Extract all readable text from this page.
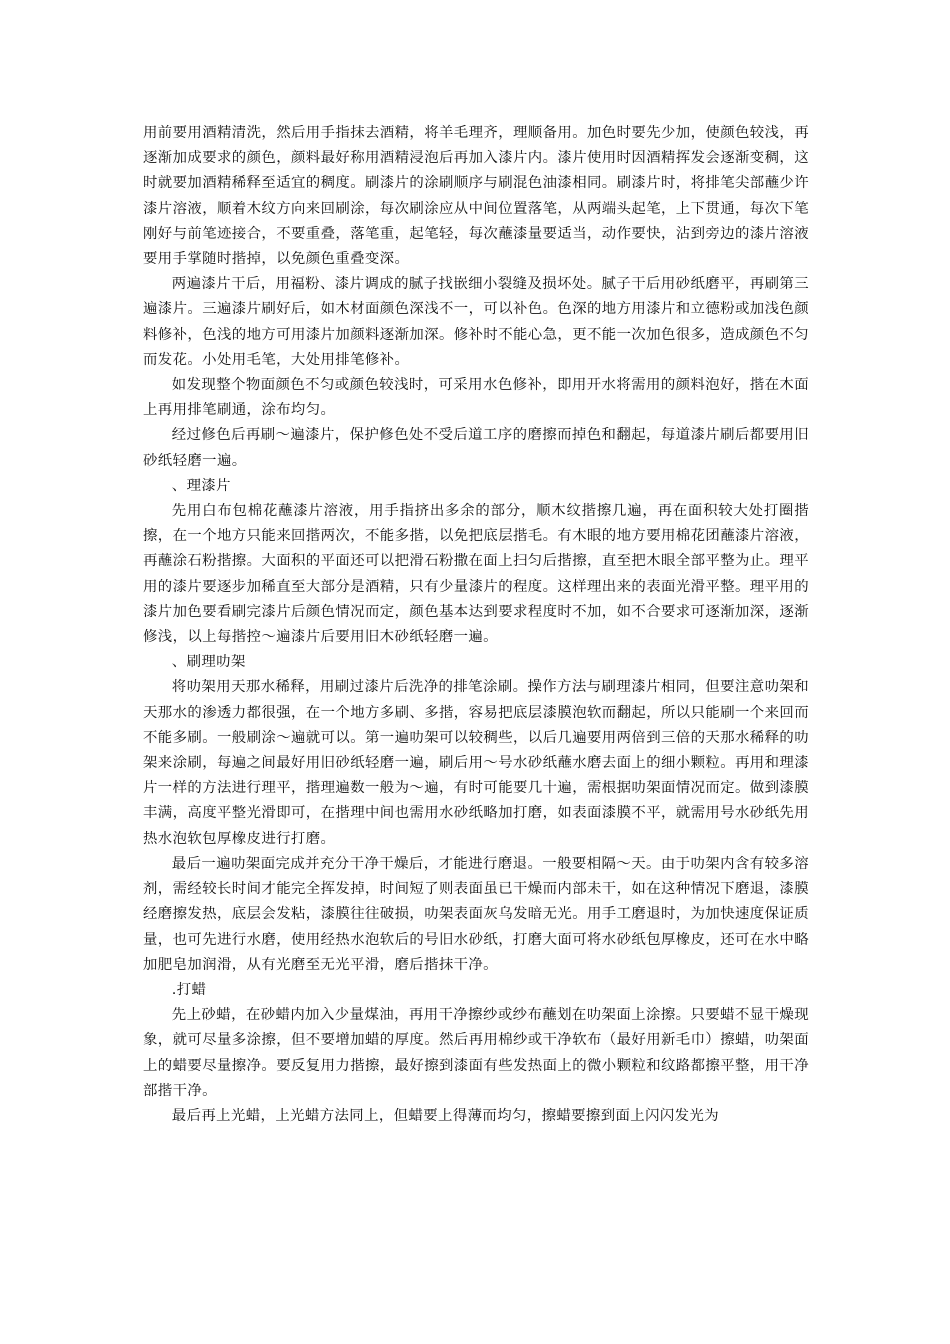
用前要用酒精清洗，然后用手指抹去酒精，将羊毛理齐，理顺备用。加色时要先少加，使颜色较浅，再逐渐加成要求的颜色，颜料最好称用酒精浸泡后再加入漆片内。漆片使用时因酒精挥发会逐渐变稠，这时就要加酒精稀释至适宜的稠度。刷漆片的涂刷顺序与刷混色油漆相同。刷漆片时，将排笔尖部蘸少许漆片溶液，顺着木纹方向来回刷涂，每次刷涂应从中间位置落笔，从两端头起笔，上下贯通，每次下笔刚好与前笔迹接合，不要重叠，落笔重，起笔轻，每次蘸漆量要适当，动作要快，沾到旁边的漆片溶液要用手掌随时揩掉，以免颜色重叠变深。

两遍漆片干后，用福粉、漆片调成的腻子找嵌细小裂缝及损坏处。腻子干后用砂纸磨平，再刷第三遍漆片。三遍漆片刷好后，如木材面颜色深浅不一，可以补色。色深的地方用漆片和立德粉或加浅色颜料修补，色浅的地方可用漆片加颜料逐渐加深。修补时不能心急，更不能一次加色很多，造成颜色不匀而发花。小处用毛笔，大处用排笔修补。

如发现整个物面颜色不匀或颜色较浅时，可采用水色修补，即用开水将需用的颜料泡好，揩在木面上再用排笔刷通，涂布均匀。

经过修色后再刷～遍漆片，保护修色处不受后道工序的磨擦而掉色和翻起，每道漆片刷后都要用旧砂纸轻磨一遍。

、理漆片

先用白布包棉花蘸漆片溶液，用手指挤出多余的部分，顺木纹揩擦几遍，再在面积较大处打圈揩擦，在一个地方只能来回揩两次，不能多揩，以免把底层揩毛。有木眼的地方要用棉花团蘸漆片溶液，再蘸涂石粉揩擦。大面积的平面还可以把滑石粉撒在面上扫匀后揩擦，直至把木眼全部平整为止。理平用的漆片要逐步加稀直至大部分是酒精，只有少量漆片的程度。这样理出来的表面光滑平整。理平用的漆片加色要看刷完漆片后颜色情况而定，颜色基本达到要求程度时不加，如不合要求可逐渐加深，逐渐修浅，以上每揩控～遍漆片后要用旧木砂纸轻磨一遍。

、刷理叻架

将叻架用天那水稀释，用刷过漆片后洗净的排笔涂刷。操作方法与刷理漆片相同，但要注意叻架和天那水的渗透力都很强，在一个地方多刷、多揩，容易把底层漆膜泡软而翻起，所以只能刷一个来回而不能多刷。一般刷涂～遍就可以。第一遍叻架可以较稠些，以后几遍要用两倍到三倍的天那水稀释的叻架来涂刷，每遍之间最好用旧砂纸轻磨一遍，刷后用～号水砂纸蘸水磨去面上的细小颗粒。再用和理漆片一样的方法进行理平，揩理遍数一般为～遍，有时可能要几十遍，需根据叻架面情况而定。做到漆膜丰满，高度平整光滑即可，在揩理中间也需用水砂纸略加打磨，如表面漆膜不平，就需用号水砂纸先用热水泡软包厚橡皮进行打磨。

最后一遍叻架面完成并充分干净干燥后，才能进行磨退。一般要相隔～天。由于叻架内含有较多溶剂，需经较长时间才能完全挥发掉，时间短了则表面虽已干燥而内部未干，如在这种情况下磨退，漆膜经磨擦发热，底层会发粘，漆膜往往破损，叻架表面灰乌发暗无光。用手工磨退时，为加快速度保证质量，也可先进行水磨，使用经热水泡软后的号旧水砂纸，打磨大面可将水砂纸包厚橡皮，还可在水中略加肥皂加润滑，从有光磨至无光平滑，磨后揩抹干净。

.打蜡

先上砂蜡，在砂蜡内加入少量煤油，再用干净擦纱或纱布蘸划在叻架面上涂擦。只要蜡不显干燥现象，就可尽量多涂擦，但不要增加蜡的厚度。然后再用棉纱或干净软布（最好用新毛巾）擦蜡，叻架面上的蜡要尽量擦净。要反复用力揩擦，最好擦到漆面有些发热面上的微小颗粒和纹路都擦平整，用干净部揩干净。

最后再上光蜡，上光蜡方法同上，但蜡要上得薄而均匀，擦蜡要擦到面上闪闪发光为
